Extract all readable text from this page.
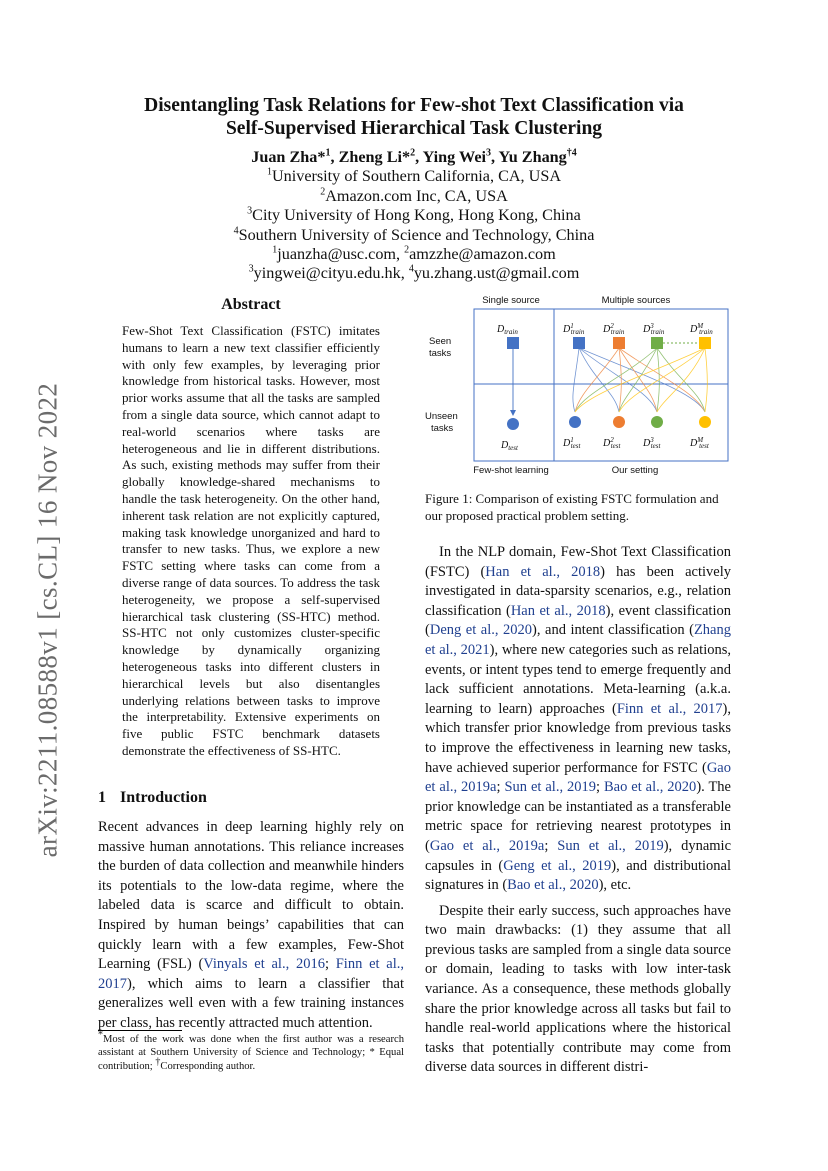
arXiv:2211.08588v1 [cs.CL] 16 Nov 2022
Disentangling Task Relations for Few-shot Text Classification via
Self-Supervised Hierarchical Task Clustering
Juan Zha*$^1$, Zheng Li*$^2$, Ying Wei$^3$, Yu Zhang$^{\dagger 4}$
$^1$University of Southern California, CA, USA
$^2$Amazon.com Inc, CA, USA
$^3$City University of Hong Kong, Hong Kong, China
$^4$Southern University of Science and Technology, China
$^1$juanzha@usc.com, $^2$amzzhe@amazon.com
$^3$yingwei@cityu.edu.hk, $^4$yu.zhang.ust@gmail.com
Abstract
Few-Shot Text Classification (FSTC) imitates humans to learn a new text classifier efficiently with only few examples, by leveraging prior knowledge from historical tasks. However, most prior works assume that all the tasks are sampled from a single data source, which cannot adapt to real-world scenarios where tasks are heterogeneous and lie in different distributions. As such, existing methods may suffer from their globally knowledge-shared mechanisms to handle the task heterogeneity. On the other hand, inherent task relation are not explicitly captured, making task knowledge unorganized and hard to transfer to new tasks. Thus, we explore a new FSTC setting where tasks can come from a diverse range of data sources. To address the task heterogeneity, we propose a self-supervised hierarchical task clustering (SS-HTC) method. SS-HTC not only customizes cluster-specific knowledge by dynamically organizing heterogeneous tasks into different clusters in hierarchical levels but also disentangles underlying relations between tasks to improve the interpretability. Extensive experiments on five public FSTC benchmark datasets demonstrate the effectiveness of SS-HTC.
1 Introduction
Recent advances in deep learning highly rely on massive human annotations. This reliance increases the burden of data collection and meanwhile hinders its potentials to the low-data regime, where the labeled data is scarce and difficult to obtain. Inspired by human beings’ capabilities that can quickly learn with a few examples, Few-Shot Learning (FSL) (Vinyals et al., 2016; Finn et al., 2017), which aims to learn a classifier that generalizes well even with a few training instances per class, has recently attracted much attention.
*Most of the work was done when the first author was a research assistant at Southern University of Science and Technology; * Equal contribution; †Corresponding author.
Single source	Multiple sources
Seen
tasks
Unseen
tasks
$D_{train}$
$D_{test}$
$D^1$ train $D^2$ train $D^3$ train	$D^M$ train
$D^1$ test $D^2$ test $D^3$ test	$D^M$ test
Few-shot learning	Our setting
Figure 1: Comparison of existing FSTC formulation and our proposed practical problem setting.

In the NLP domain, Few-Shot Text Classification (FSTC) (Han et al., 2018) has been actively investigated in data-sparsity scenarios, e.g., relation classification (Han et al., 2018), event classification (Deng et al., 2020), and intent classification (Zhang et al., 2021), where new categories such as relations, events, or intent types tend to emerge frequently and lack sufficient annotations. Meta-learning (a.k.a. learning to learn) approaches (Finn et al., 2017), which transfer prior knowledge from previous tasks to improve the effectiveness in learning new tasks, have achieved superior performance for FSTC (Gao et al., 2019a; Sun et al., 2019; Bao et al., 2020). The prior knowledge can be instantiated as a transferable metric space for retrieving nearest prototypes in (Gao et al., 2019a; Sun et al., 2019), dynamic capsules in (Geng et al., 2019), and distributional signatures in (Bao et al., 2020), etc.

Despite their early success, such approaches have two main drawbacks: (1) they assume that all previous tasks are sampled from a single data source or domain, leading to tasks with low inter-task variance. As a consequence, these methods globally share the prior knowledge across all tasks but fail to handle real-world applications where the historical tasks that potentially contribute may come from diverse data sources in different distri-
